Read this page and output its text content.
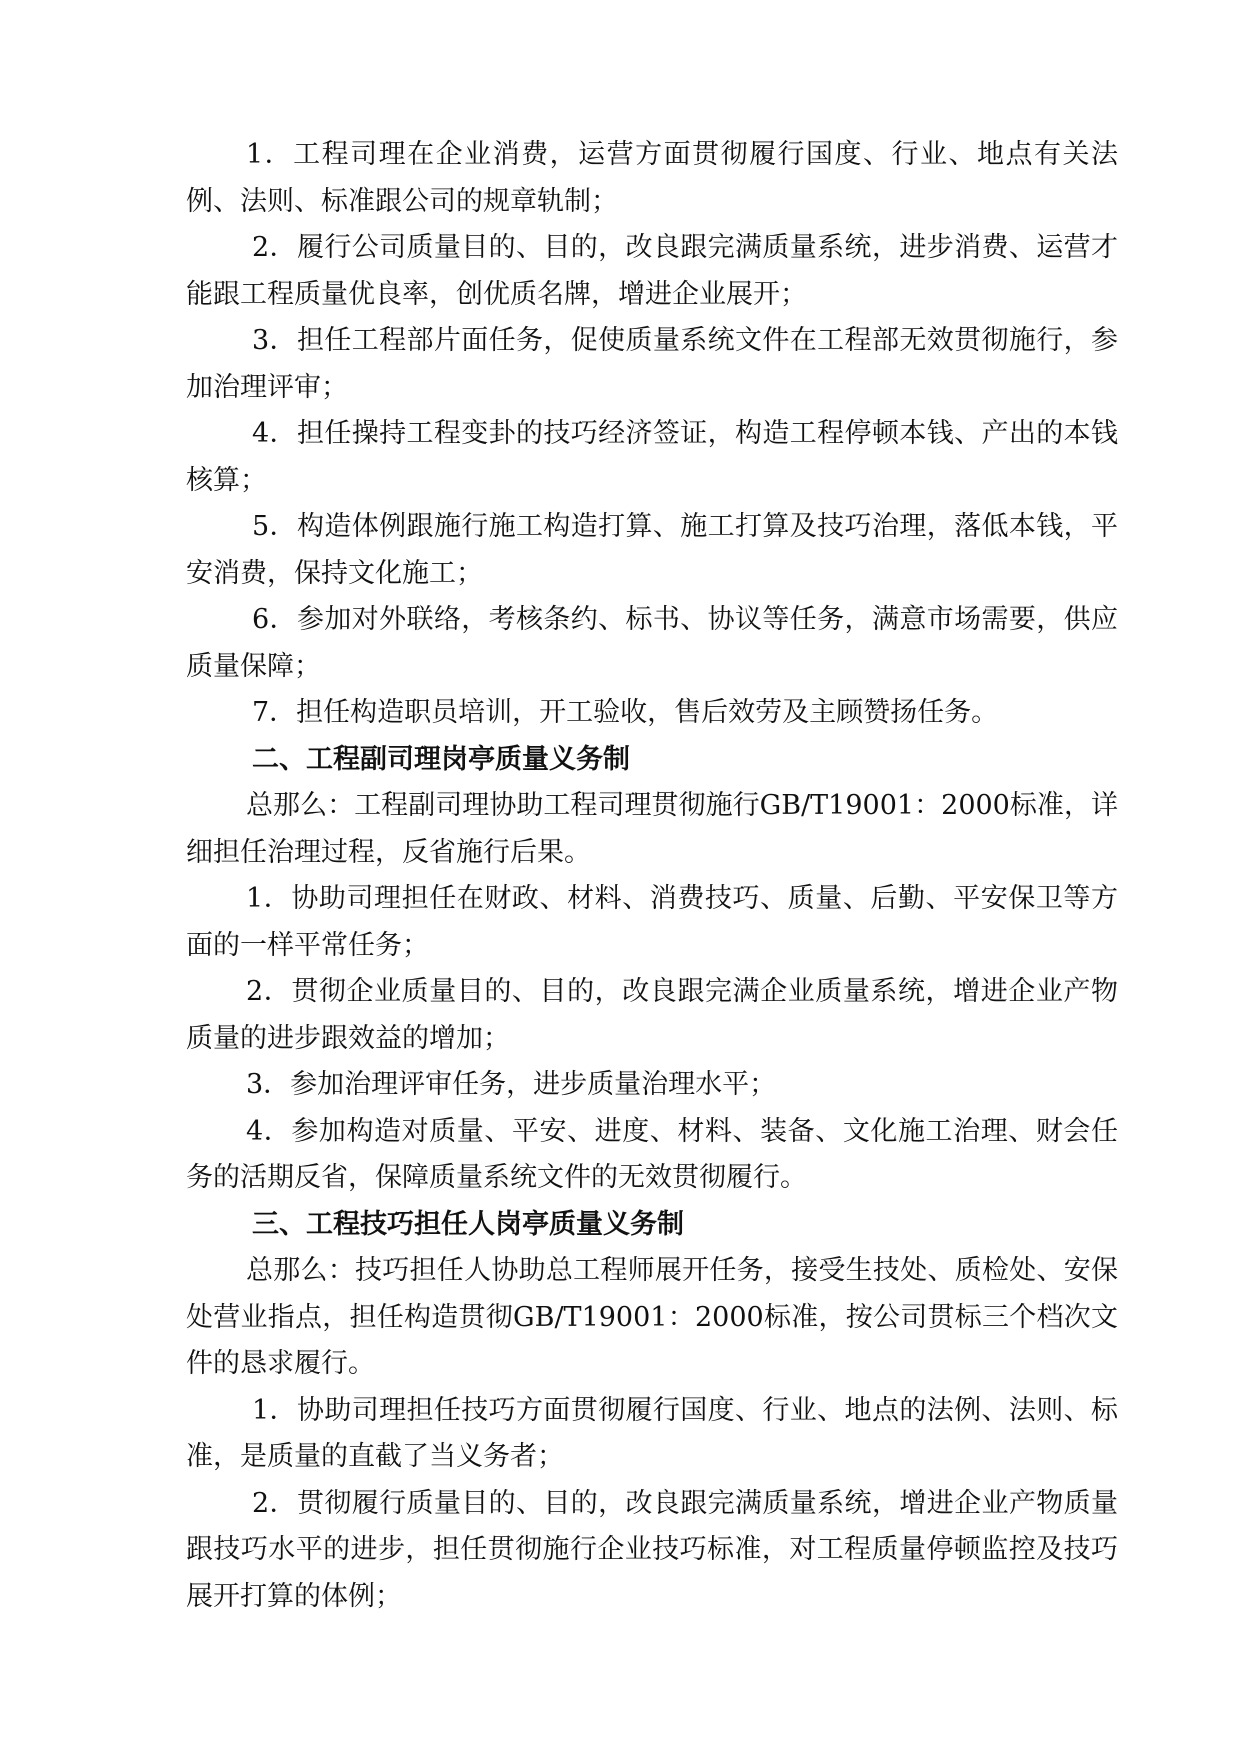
1．工程司理在企业消费，运营方面贯彻履行国度、行业、地点有关法例、法则、标准跟公司的规章轨制；

2．履行公司质量目的、目的，改良跟完满质量系统，进步消费、运营才能跟工程质量优良率，创优质名牌，增进企业展开；

3．担任工程部片面任务，促使质量系统文件在工程部无效贯彻施行，参加治理评审；

4．担任操持工程变卦的技巧经济签证，构造工程停顿本钱、产出的本钱核算；

5．构造体例跟施行施工构造打算、施工打算及技巧治理，落低本钱，平安消费，保持文化施工；

6．参加对外联络，考核条约、标书、协议等任务，满意市场需要，供应质量保障；

7．担任构造职员培训，开工验收，售后效劳及主顾赞扬任务。

二、工程副司理岗亭质量义务制

总那么：工程副司理协助工程司理贯彻施行GB/T19001：2000标准，详细担任治理过程，反省施行后果。

1．协助司理担任在财政、材料、消费技巧、质量、后勤、平安保卫等方面的一样平常任务；

2．贯彻企业质量目的、目的，改良跟完满企业质量系统，增进企业产物质量的进步跟效益的增加；

3．参加治理评审任务，进步质量治理水平；

4．参加构造对质量、平安、进度、材料、装备、文化施工治理、财会任务的活期反省，保障质量系统文件的无效贯彻履行。

三、工程技巧担任人岗亭质量义务制

总那么：技巧担任人协助总工程师展开任务，接受生技处、质检处、安保处营业指点，担任构造贯彻GB/T19001：2000标准，按公司贯标三个档次文件的恳求履行。

1．协助司理担任技巧方面贯彻履行国度、行业、地点的法例、法则、标准，是质量的直截了当义务者；

2．贯彻履行质量目的、目的，改良跟完满质量系统，增进企业产物质量跟技巧水平的进步，担任贯彻施行企业技巧标准，对工程质量停顿监控及技巧展开打算的体例；
